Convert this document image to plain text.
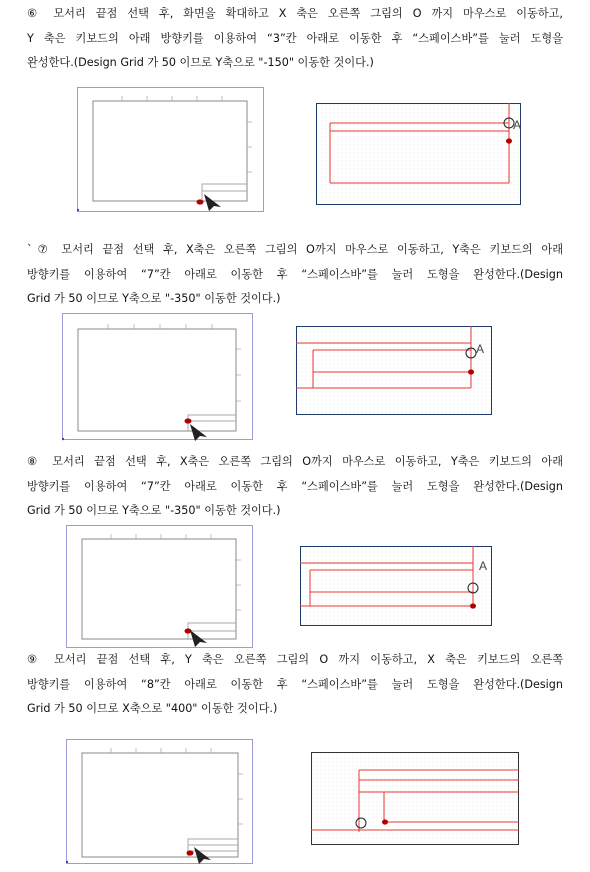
⑥ 모서리 끝점 선택 후, 화면을 확대하고 X 축은 오른쪽 그림의 O 까지 마우스로 이동하고,
Y 축은 키보드의 아래 방향키를 이용하여 “3”칸 아래로 이동한 후 “스페이스바”를 눌러 도형을
완성한다.(Design Grid 가 50 이므로 Y축으로 "-150" 이동한 것이다.)

A

`⑦ 모서리 끝점 선택 후, X축은 오른쪽 그림의 O까지 마우스로 이동하고, Y축은 키보드의 아래
방향키를 이용하여 “7”칸 아래로 이동한 후 “스페이스바”를 눌러 도형을 완성한다.(Design
Grid 가 50 이므로 Y축으로 "-350" 이동한 것이다.)

A

⑧ 모서리 끝점 선택 후, X축은 오른쪽 그림의 O까지 마우스로 이동하고, Y축은 키보드의 아래
방향키를 이용하여 “7”칸 아래로 이동한 후 “스페이스바”를 눌러 도형을 완성한다.(Design
Grid 가 50 이므로 Y축으로 "-350" 이동한 것이다.)

A

⑨ 모서리 끝점 선택 후, Y 축은 오른쪽 그림의 O 까지 이동하고, X 축은 키보드의 오른쪽
방향키를 이용하여 “8”칸 아래로 이동한 후 “스페이스바”를 눌러 도형을 완성한다.(Design
Grid 가 50 이므로 X축으로 "400" 이동한 것이다.)
